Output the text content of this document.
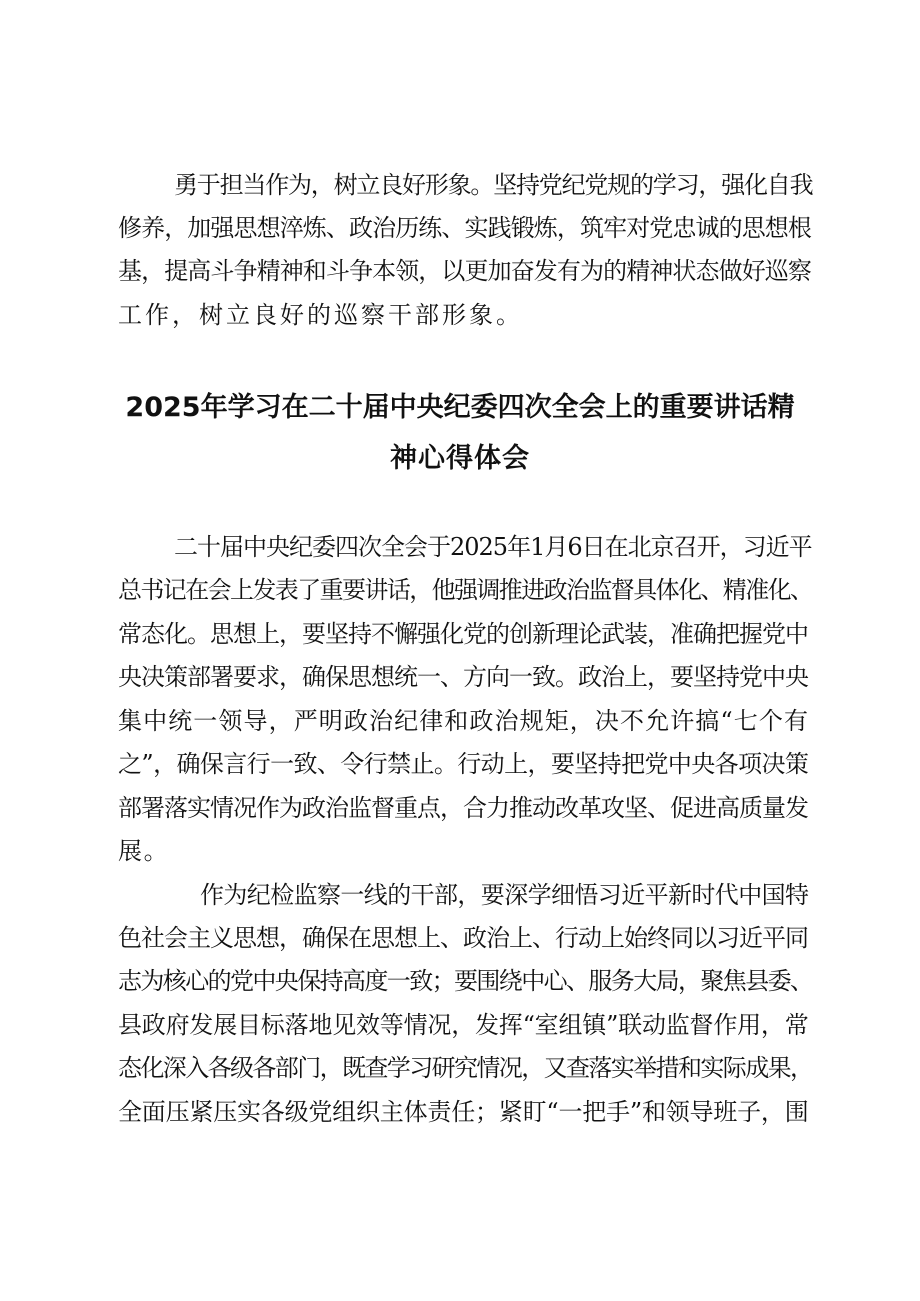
勇于担当作为，树立良好形象。坚持党纪党规的学习，强化自我

修养，加强思想淬炼、政治历练、实践锻炼，筑牢对党忠诚的思想根

基，提高斗争精神和斗争本领，以更加奋发有为的精神状态做好巡察

工作，树立良好的巡察干部形象。

2025年学习在二十届中央纪委四次全会上的重要讲话精

神心得体会

二十届中央纪委四次全会于2025年1月6日在北京召开，习近平

总书记在会上发表了重要讲话，他强调推进政治监督具体化、精准化、

常态化。思想上，要坚持不懈强化党的创新理论武装，准确把握党中

央决策部署要求，确保思想统一、方向一致。政治上，要坚持党中央

集中统一领导，严明政治纪律和政治规矩，决不允许搞“七个有

之”，确保言行一致、令行禁止。行动上，要坚持把党中央各项决策

部署落实情况作为政治监督重点，合力推动改革攻坚、促进高质量发

展。

作为纪检监察一线的干部，要深学细悟习近平新时代中国特

色社会主义思想，确保在思想上、政治上、行动上始终同以习近平同

志为核心的党中央保持高度一致；要围绕中心、服务大局，聚焦县委、

县政府发展目标落地见效等情况，发挥“室组镇”联动监督作用，常

态化深入各级各部门，既查学习研究情况，又查落实举措和实际成果，

全面压紧压实各级党组织主体责任；紧盯“一把手”和领导班子，围
